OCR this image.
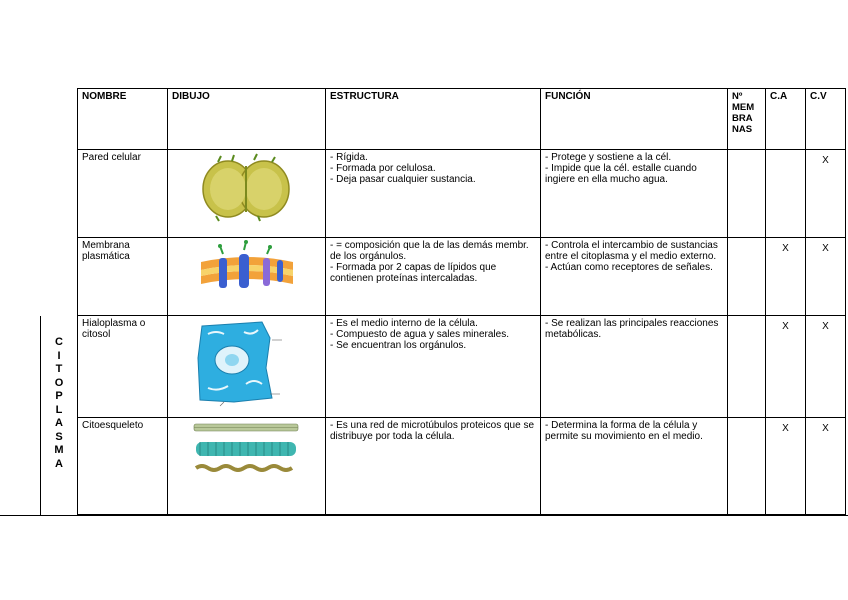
C
I
T
O
P
L
A
S
M
A
NOMBRE	DIBUJO	ESTRUCTURA	FUNCIÓN	Nº
MEM
BRA
NAS	C.A	C.V
Pared celular		- Rígida.
- Formada por celulosa.
- Deja pasar cualquier sustancia.	- Protege y sostiene a la cél.
- Impide que la cél. estalle cuando ingiere en ella mucho agua.			X
Membrana plasmática		- = composición que la de las demás membr. de los orgánulos.
- Formada por 2 capas de lípidos que contienen proteínas intercaladas.	- Controla el intercambio de sustancias entre el citoplasma y el medio externo.
- Actúan como receptores de señales.		X	X
Hialoplasma o citosol		- Es el medio interno de la célula.
- Compuesto de agua y sales minerales.
- Se encuentran los orgánulos.	- Se realizan las principales reacciones metabólicas.		X	X
Citoesqueleto		- Es una red de microtúbulos proteicos que se distribuye por toda la célula.	- Determina la forma de la célula y permite su movimiento en el medio.		X	X
